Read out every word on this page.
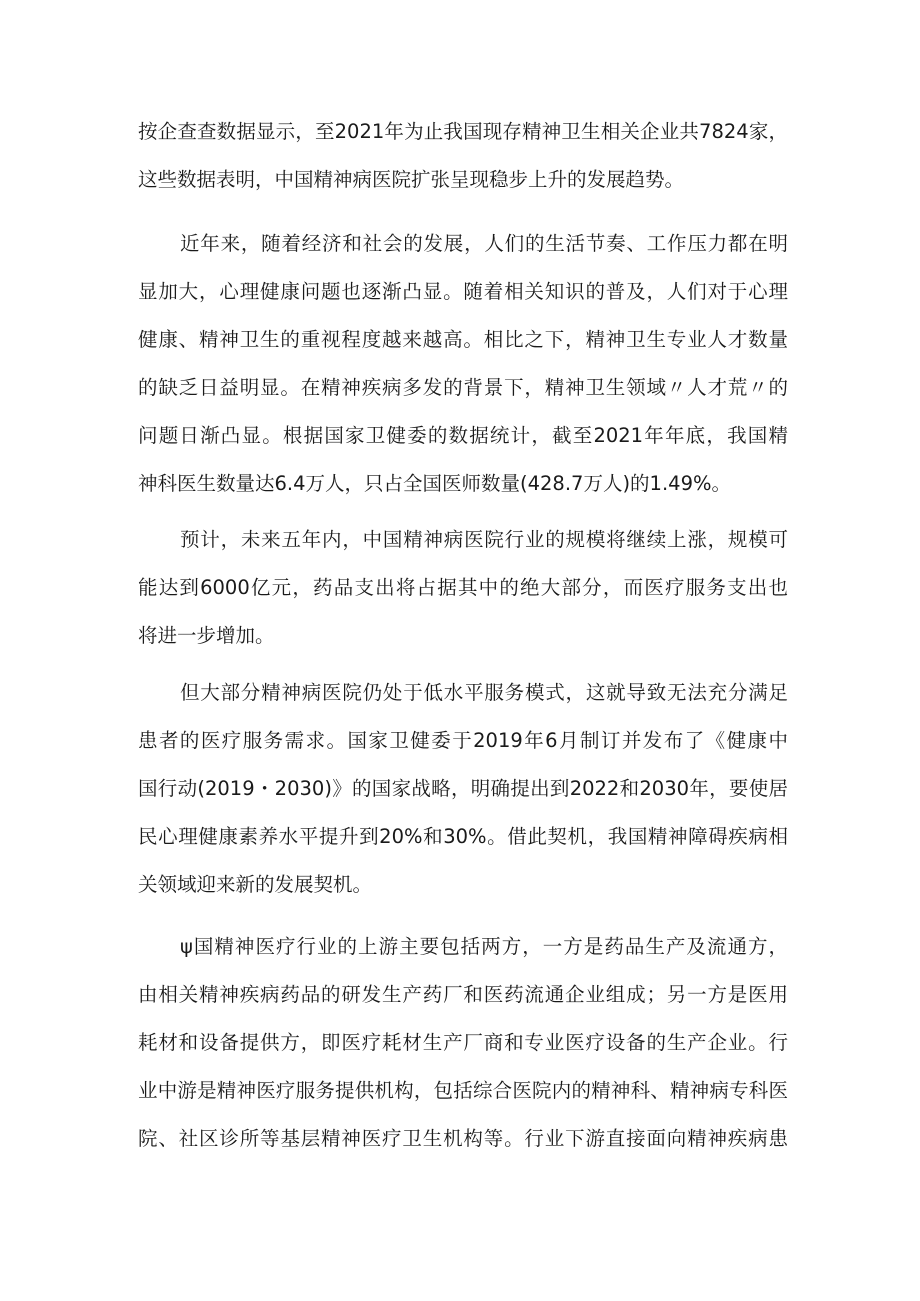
按企查查数据显示，至2021年为止我国现存精神卫生相关企业共7824家，

这些数据表明，中国精神病医院扩张呈现稳步上升的发展趋势。

近年来，随着经济和社会的发展，人们的生活节奏、工作压力都在明

显加大，心理健康问题也逐渐凸显。随着相关知识的普及，人们对于心理

健康、精神卫生的重视程度越来越高。相比之下，精神卫生专业人才数量

的缺乏日益明显。在精神疾病多发的背景下，精神卫生领域〃人才荒〃的

问题日渐凸显。根据国家卫健委的数据统计，截至2021年年底，我国精

神科医生数量达6.4万人，只占全国医师数量(428.7万人)的1.49%。

预计，未来五年内，中国精神病医院行业的规模将继续上涨，规模可

能达到6000亿元，药品支出将占据其中的绝大部分，而医疗服务支出也

将进一步增加。

但大部分精神病医院仍处于低水平服务模式，这就导致无法充分满足

患者的医疗服务需求。国家卫健委于2019年6月制订并发布了《健康中

国行动(2019・2030)》的国家战略，明确提出到2022和2030年，要使居

民心理健康素养水平提升到20%和30%。借此契机，我国精神障碍疾病相

关领域迎来新的发展契机。

ψ国精神医疗行业的上游主要包括两方，一方是药品生产及流通方，

由相关精神疾病药品的研发生产药厂和医药流通企业组成；另一方是医用

耗材和设备提供方，即医疗耗材生产厂商和专业医疗设备的生产企业。行

业中游是精神医疗服务提供机构，包括综合医院内的精神科、精神病专科医

院、社区诊所等基层精神医疗卫生机构等。行业下游直接面向精神疾病患
